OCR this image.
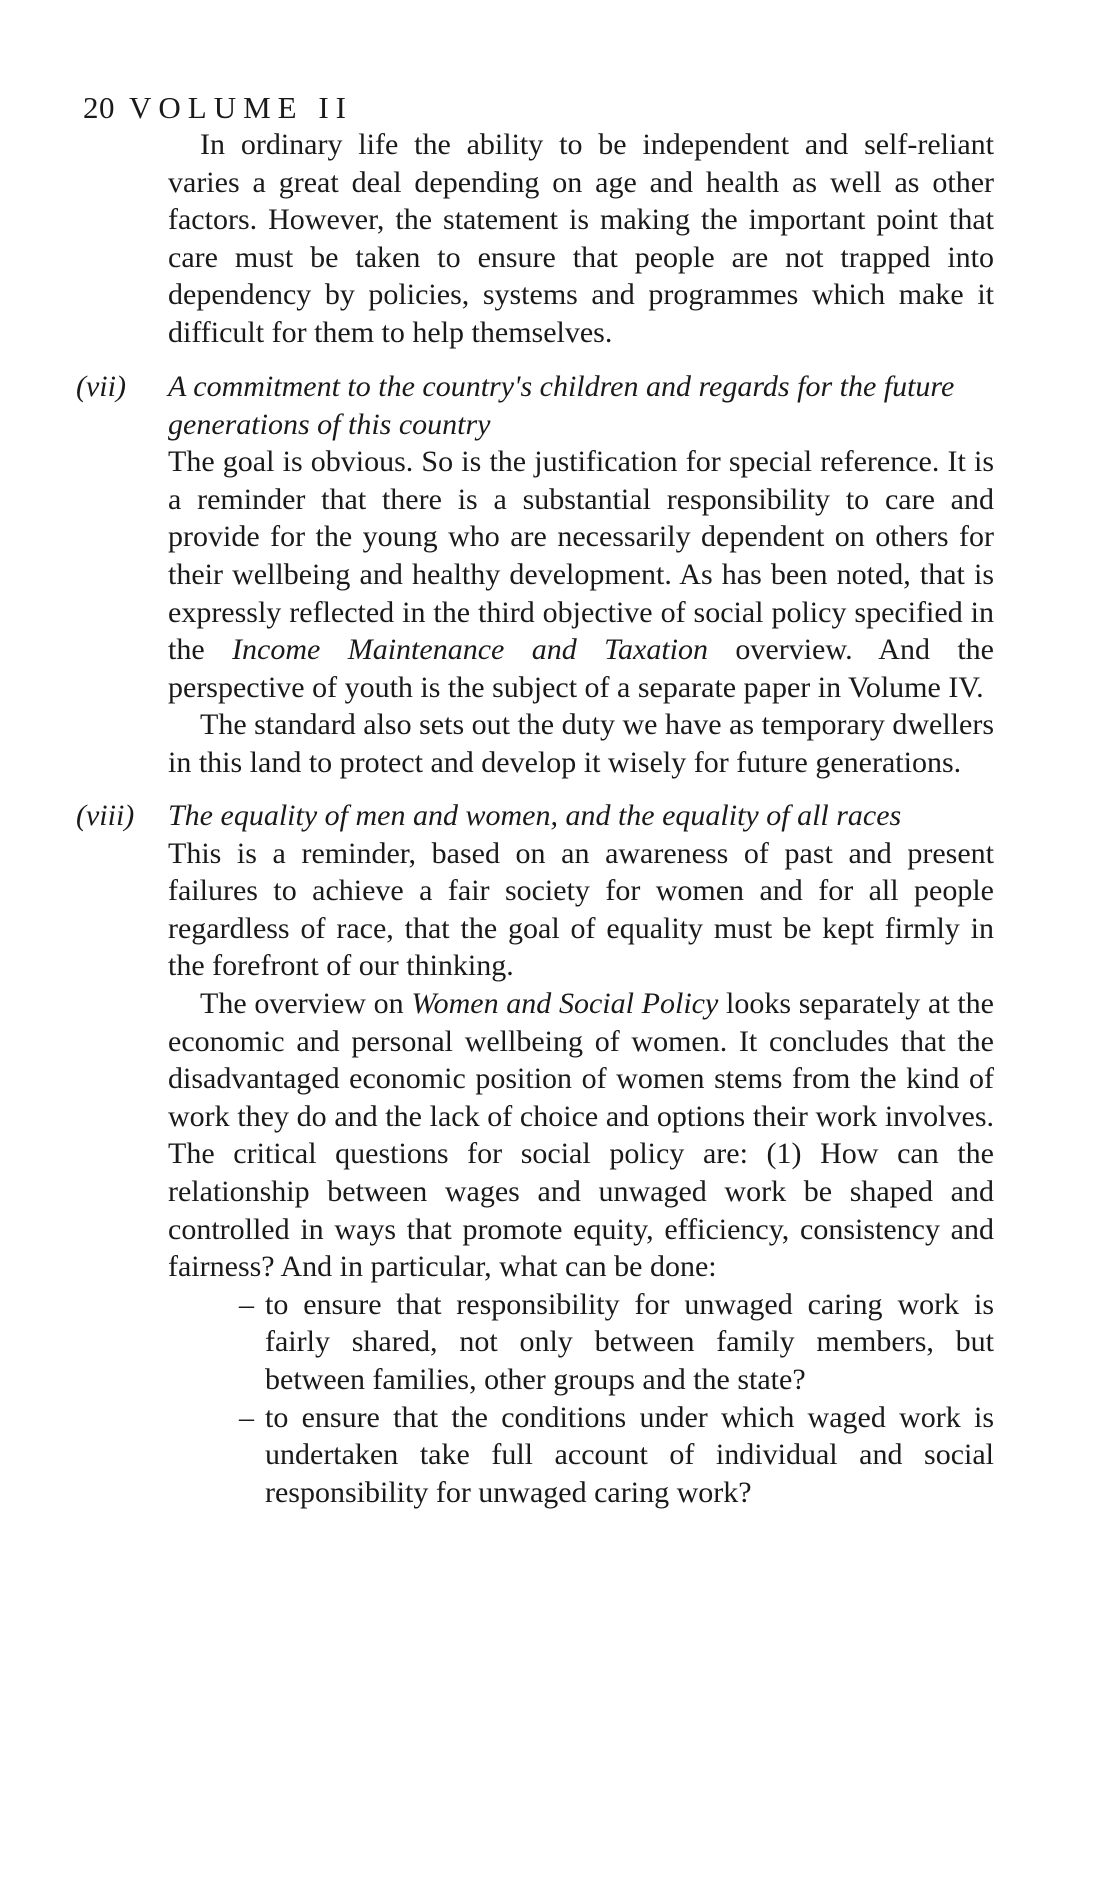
20 VOLUME II

In ordinary life the ability to be independent and self-reliant varies a great deal depending on age and health as well as other factors. However, the statement is making the important point that care must be taken to ensure that people are not trapped into dependency by policies, systems and programmes which make it difficult for them to help themselves.

(vii) A commitment to the country's children and regards for the future generations of this country

The goal is obvious. So is the justification for special reference. It is a reminder that there is a substantial responsibility to care and provide for the young who are necessarily dependent on others for their wellbeing and healthy development. As has been noted, that is expressly reflected in the third objective of social policy specified in the Income Maintenance and Taxation overview. And the perspective of youth is the subject of a separate paper in Volume IV.

The standard also sets out the duty we have as temporary dwellers in this land to protect and develop it wisely for future generations.

(viii) The equality of men and women, and the equality of all races

This is a reminder, based on an awareness of past and present failures to achieve a fair society for women and for all people regardless of race, that the goal of equality must be kept firmly in the forefront of our thinking.

The overview on Women and Social Policy looks separately at the economic and personal wellbeing of women. It concludes that the disadvantaged economic position of women stems from the kind of work they do and the lack of choice and options their work involves. The critical questions for social policy are: (1) How can the relationship between wages and unwaged work be shaped and controlled in ways that promote equity, efficiency, consistency and fairness? And in particular, what can be done:

– to ensure that responsibility for unwaged caring work is fairly shared, not only between family members, but between families, other groups and the state?
– to ensure that the conditions under which waged work is undertaken take full account of individual and social responsibility for unwaged caring work?
